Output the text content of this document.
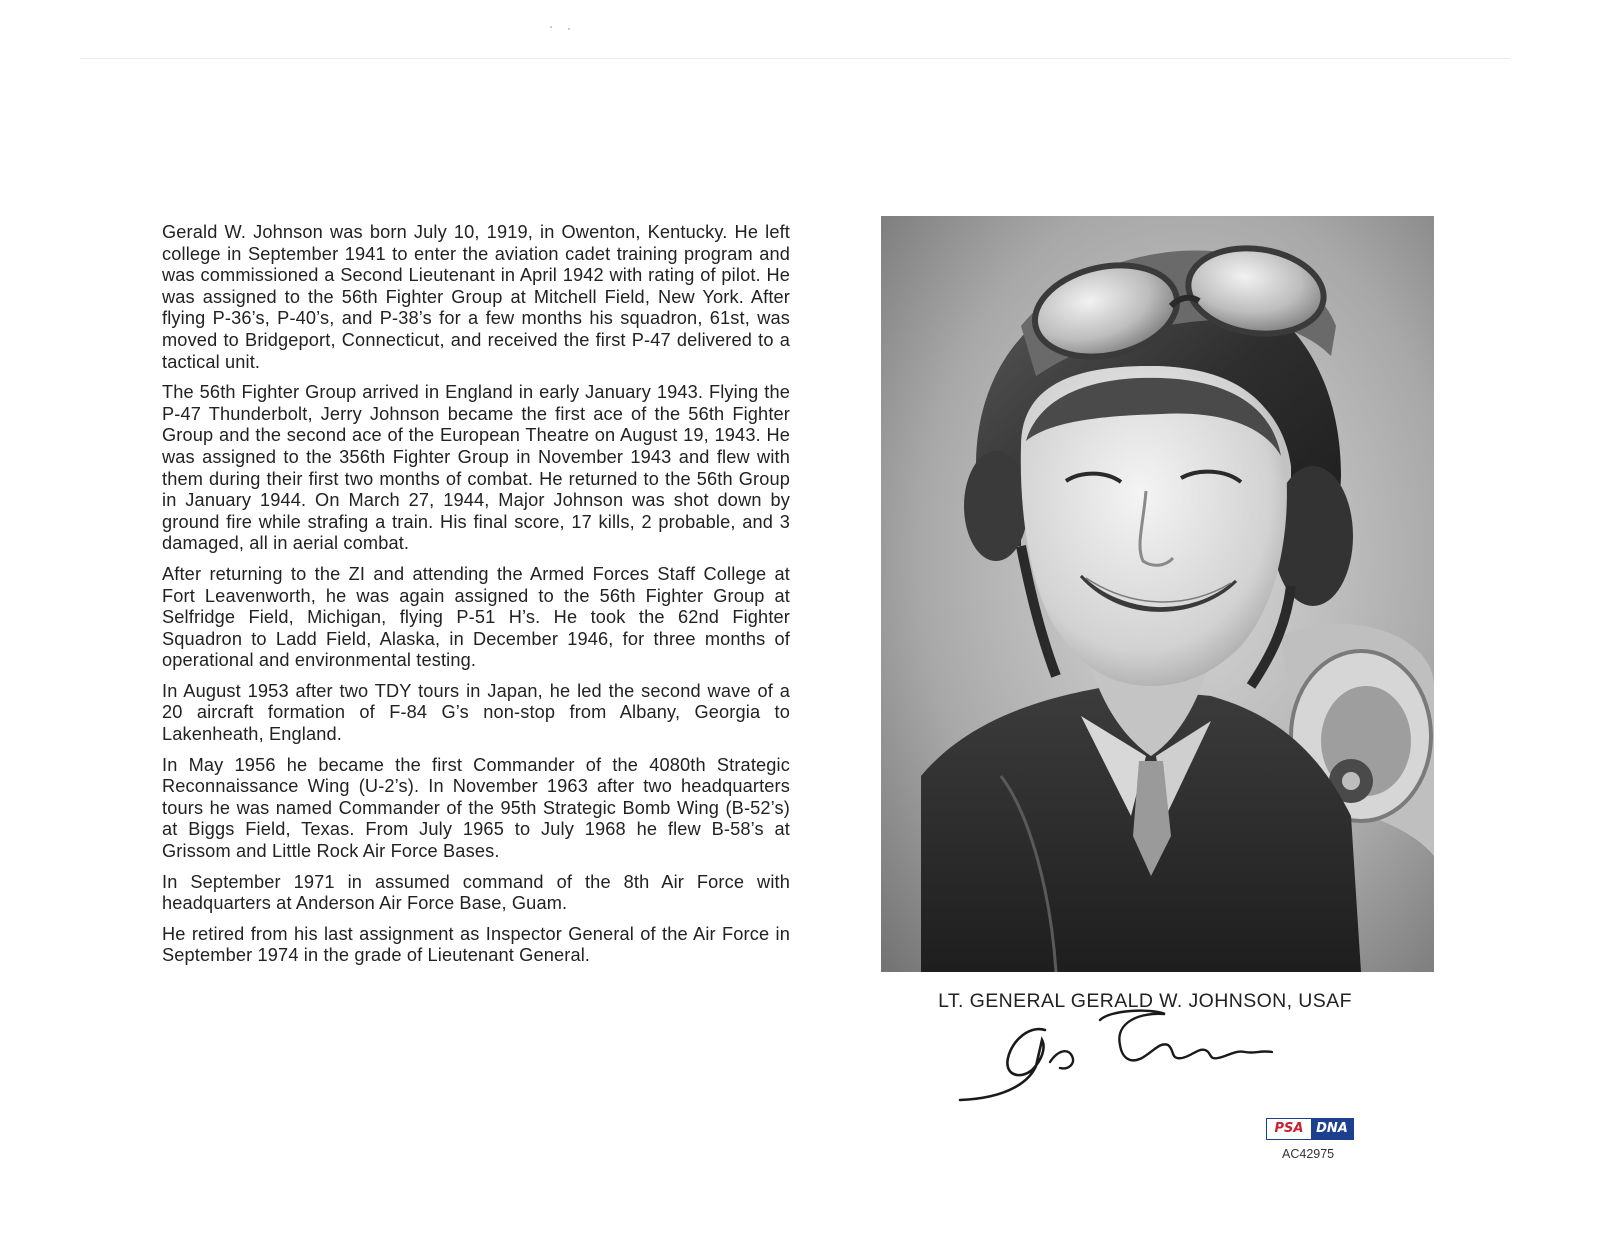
Gerald W. Johnson was born July 10, 1919, in Owenton, Kentucky. He left college in September 1941 to enter the aviation cadet training program and was commissioned a Second Lieutenant in April 1942 with rating of pilot. He was assigned to the 56th Fighter Group at Mitchell Field, New York. After flying P-36’s, P-40’s, and P-38’s for a few months his squadron, 61st, was moved to Bridgeport, Connecticut, and received the first P-47 delivered to a tactical unit.

The 56th Fighter Group arrived in England in early January 1943. Flying the P-47 Thunderbolt, Jerry Johnson became the first ace of the 56th Fighter Group and the second ace of the European Theatre on August 19, 1943. He was assigned to the 356th Fighter Group in November 1943 and flew with them during their first two months of combat. He returned to the 56th Group in January 1944. On March 27, 1944, Major Johnson was shot down by ground fire while strafing a train. His final score, 17 kills, 2 probable, and 3 damaged, all in aerial combat.

After returning to the ZI and attending the Armed Forces Staff College at Fort Leavenworth, he was again assigned to the 56th Fighter Group at Selfridge Field, Michigan, flying P-51 H’s. He took the 62nd Fighter Squadron to Ladd Field, Alaska, in December 1946, for three months of operational and environmental testing.

In August 1953 after two TDY tours in Japan, he led the second wave of a 20 aircraft formation of F-84 G’s non-stop from Albany, Georgia to Lakenheath, England.

In May 1956 he became the first Commander of the 4080th Strategic Reconnaissance Wing (U-2’s). In November 1963 after two headquarters tours he was named Commander of the 95th Strategic Bomb Wing (B-52’s) at Biggs Field, Texas. From July 1965 to July 1968 he flew B-58’s at Grissom and Little Rock Air Force Bases.

In September 1971 in assumed command of the 8th Air Force with headquarters at Anderson Air Force Base, Guam.

He retired from his last assignment as Inspector General of the Air Force in September 1974 in the grade of Lieutenant General.

LT. GENERAL GERALD W. JOHNSON, USAF
PSA DNA
AC42975
